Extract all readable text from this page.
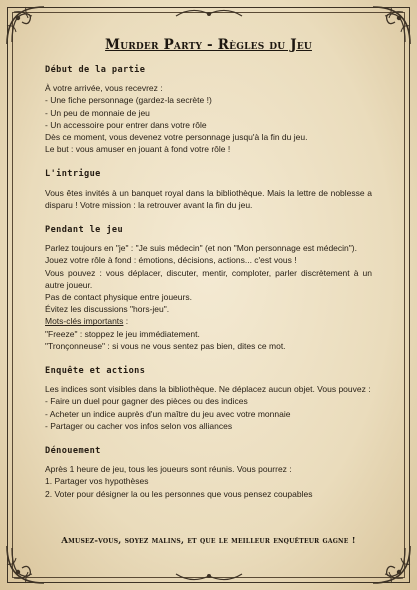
Murder Party - Règles du Jeu
Début de la partie
À votre arrivée, vous recevrez :
- Une fiche personnage (gardez-la secrète !)
- Un peu de monnaie de jeu
- Un accessoire pour entrer dans votre rôle
Dès ce moment, vous devenez votre personnage jusqu'à la fin du jeu.
Le but : vous amuser en jouant à fond votre rôle !
L'intrigue
Vous êtes invités à un banquet royal dans la bibliothèque. Mais la lettre de noblesse a disparu ! Votre mission : la retrouver avant la fin du jeu.
Pendant le jeu
Parlez toujours en "je" : "Je suis médecin" (et non "Mon personnage est médecin").
Jouez votre rôle à fond : émotions, décisions, actions... c'est vous !
Vous pouvez : vous déplacer, discuter, mentir, comploter, parler discrètement à un autre joueur.
Pas de contact physique entre joueurs.
Évitez les discussions "hors-jeu".
Mots-clés importants :
"Freeze" : stoppez le jeu immédiatement.
"Tronçonneuse" : si vous ne vous sentez pas bien, dites ce mot.
Enquête et actions
Les indices sont visibles dans la bibliothèque. Ne déplacez aucun objet. Vous pouvez :
- Faire un duel pour gagner des pièces ou des indices
- Acheter un indice auprès d'un maître du jeu avec votre monnaie
- Partager ou cacher vos infos selon vos alliances
Dénouement
Après 1 heure de jeu, tous les joueurs sont réunis. Vous pourrez :
1. Partager vos hypothèses
2. Voter pour désigner la ou les personnes que vous pensez coupables
Amusez-vous, soyez malins, et que le meilleur enquêteur gagne !
